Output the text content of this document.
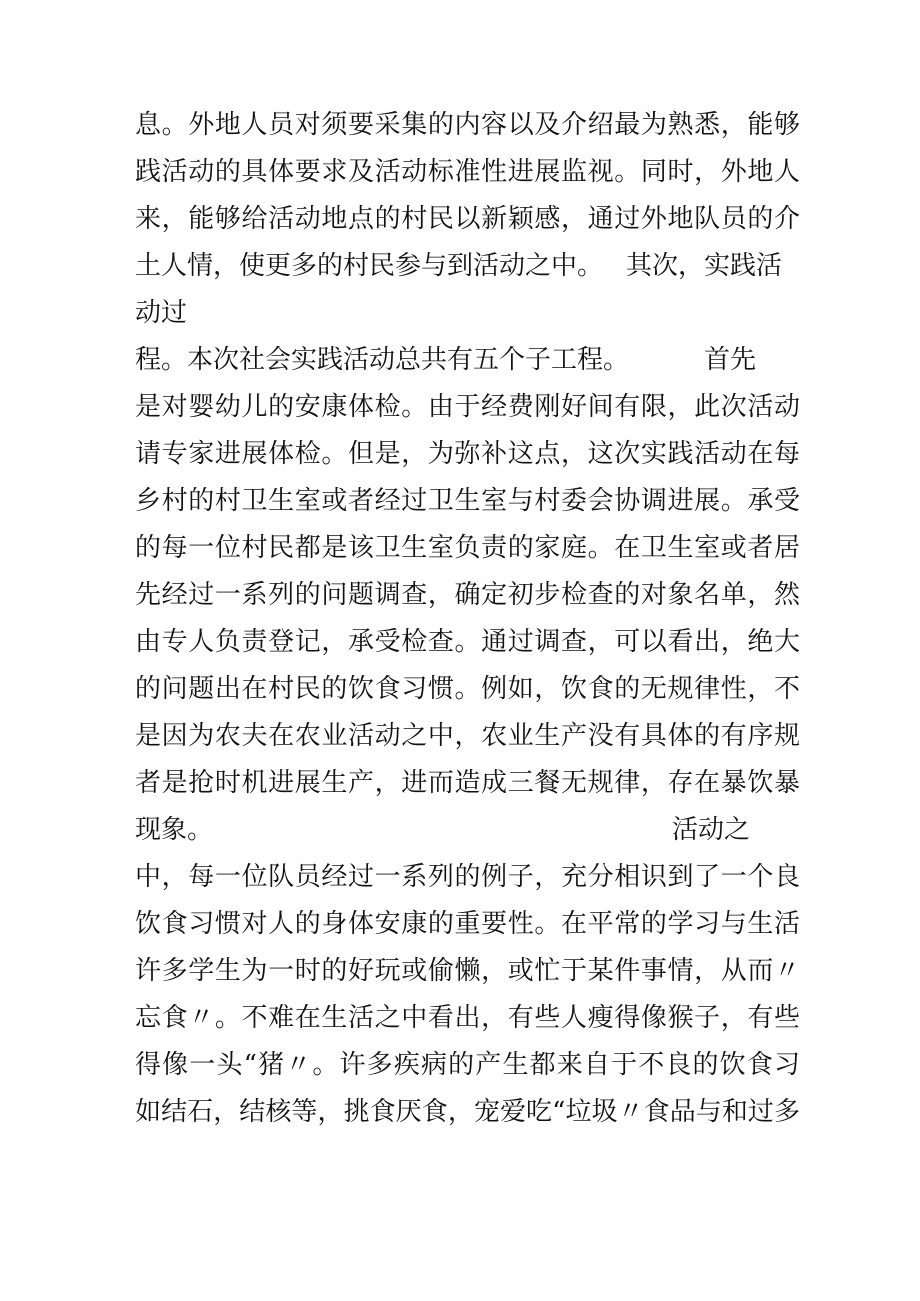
息。外地人员对须要采集的内容以及介绍最为熟悉，能够
践活动的具体要求及活动标准性进展监视。同时，外地人
来，能够给活动地点的村民以新颖感，通过外地队员的介
土人情，使更多的村民参与到活动之中。 其次，实践活
动过
程。本次社会实践活动总共有五个子工程。	首先
是对婴幼儿的安康体检。由于经费刚好间有限，此次活动
请专家进展体检。但是，为弥补这点，这次实践活动在每
乡村的村卫生室或者经过卫生室与村委会协调进展。承受
的每一位村民都是该卫生室负责的家庭。在卫生室或者居
先经过一系列的问题调查，确定初步检查的对象名单，然
由专人负责登记，承受检查。通过调查，可以看出，绝大
的问题出在村民的饮食习惯。例如，饮食的无规律性，不
是因为农夫在农业活动之中，农业生产没有具体的有序规
者是抢时机进展生产，进而造成三餐无规律，存在暴饮暴
现象。	活动之
中，每一位队员经过一系列的例子，充分相识到了一个良
饮食习惯对人的身体安康的重要性。在平常的学习与生活
许多学生为一时的好玩或偷懒，或忙于某件事情，从而〃
忘食〃。不难在生活之中看出，有些人瘦得像猴子，有些
得像一头“猪〃。许多疾病的产生都来自于不良的饮食习
如结石，结核等，挑食厌食，宠爱吃“垃圾〃食品与和过多
